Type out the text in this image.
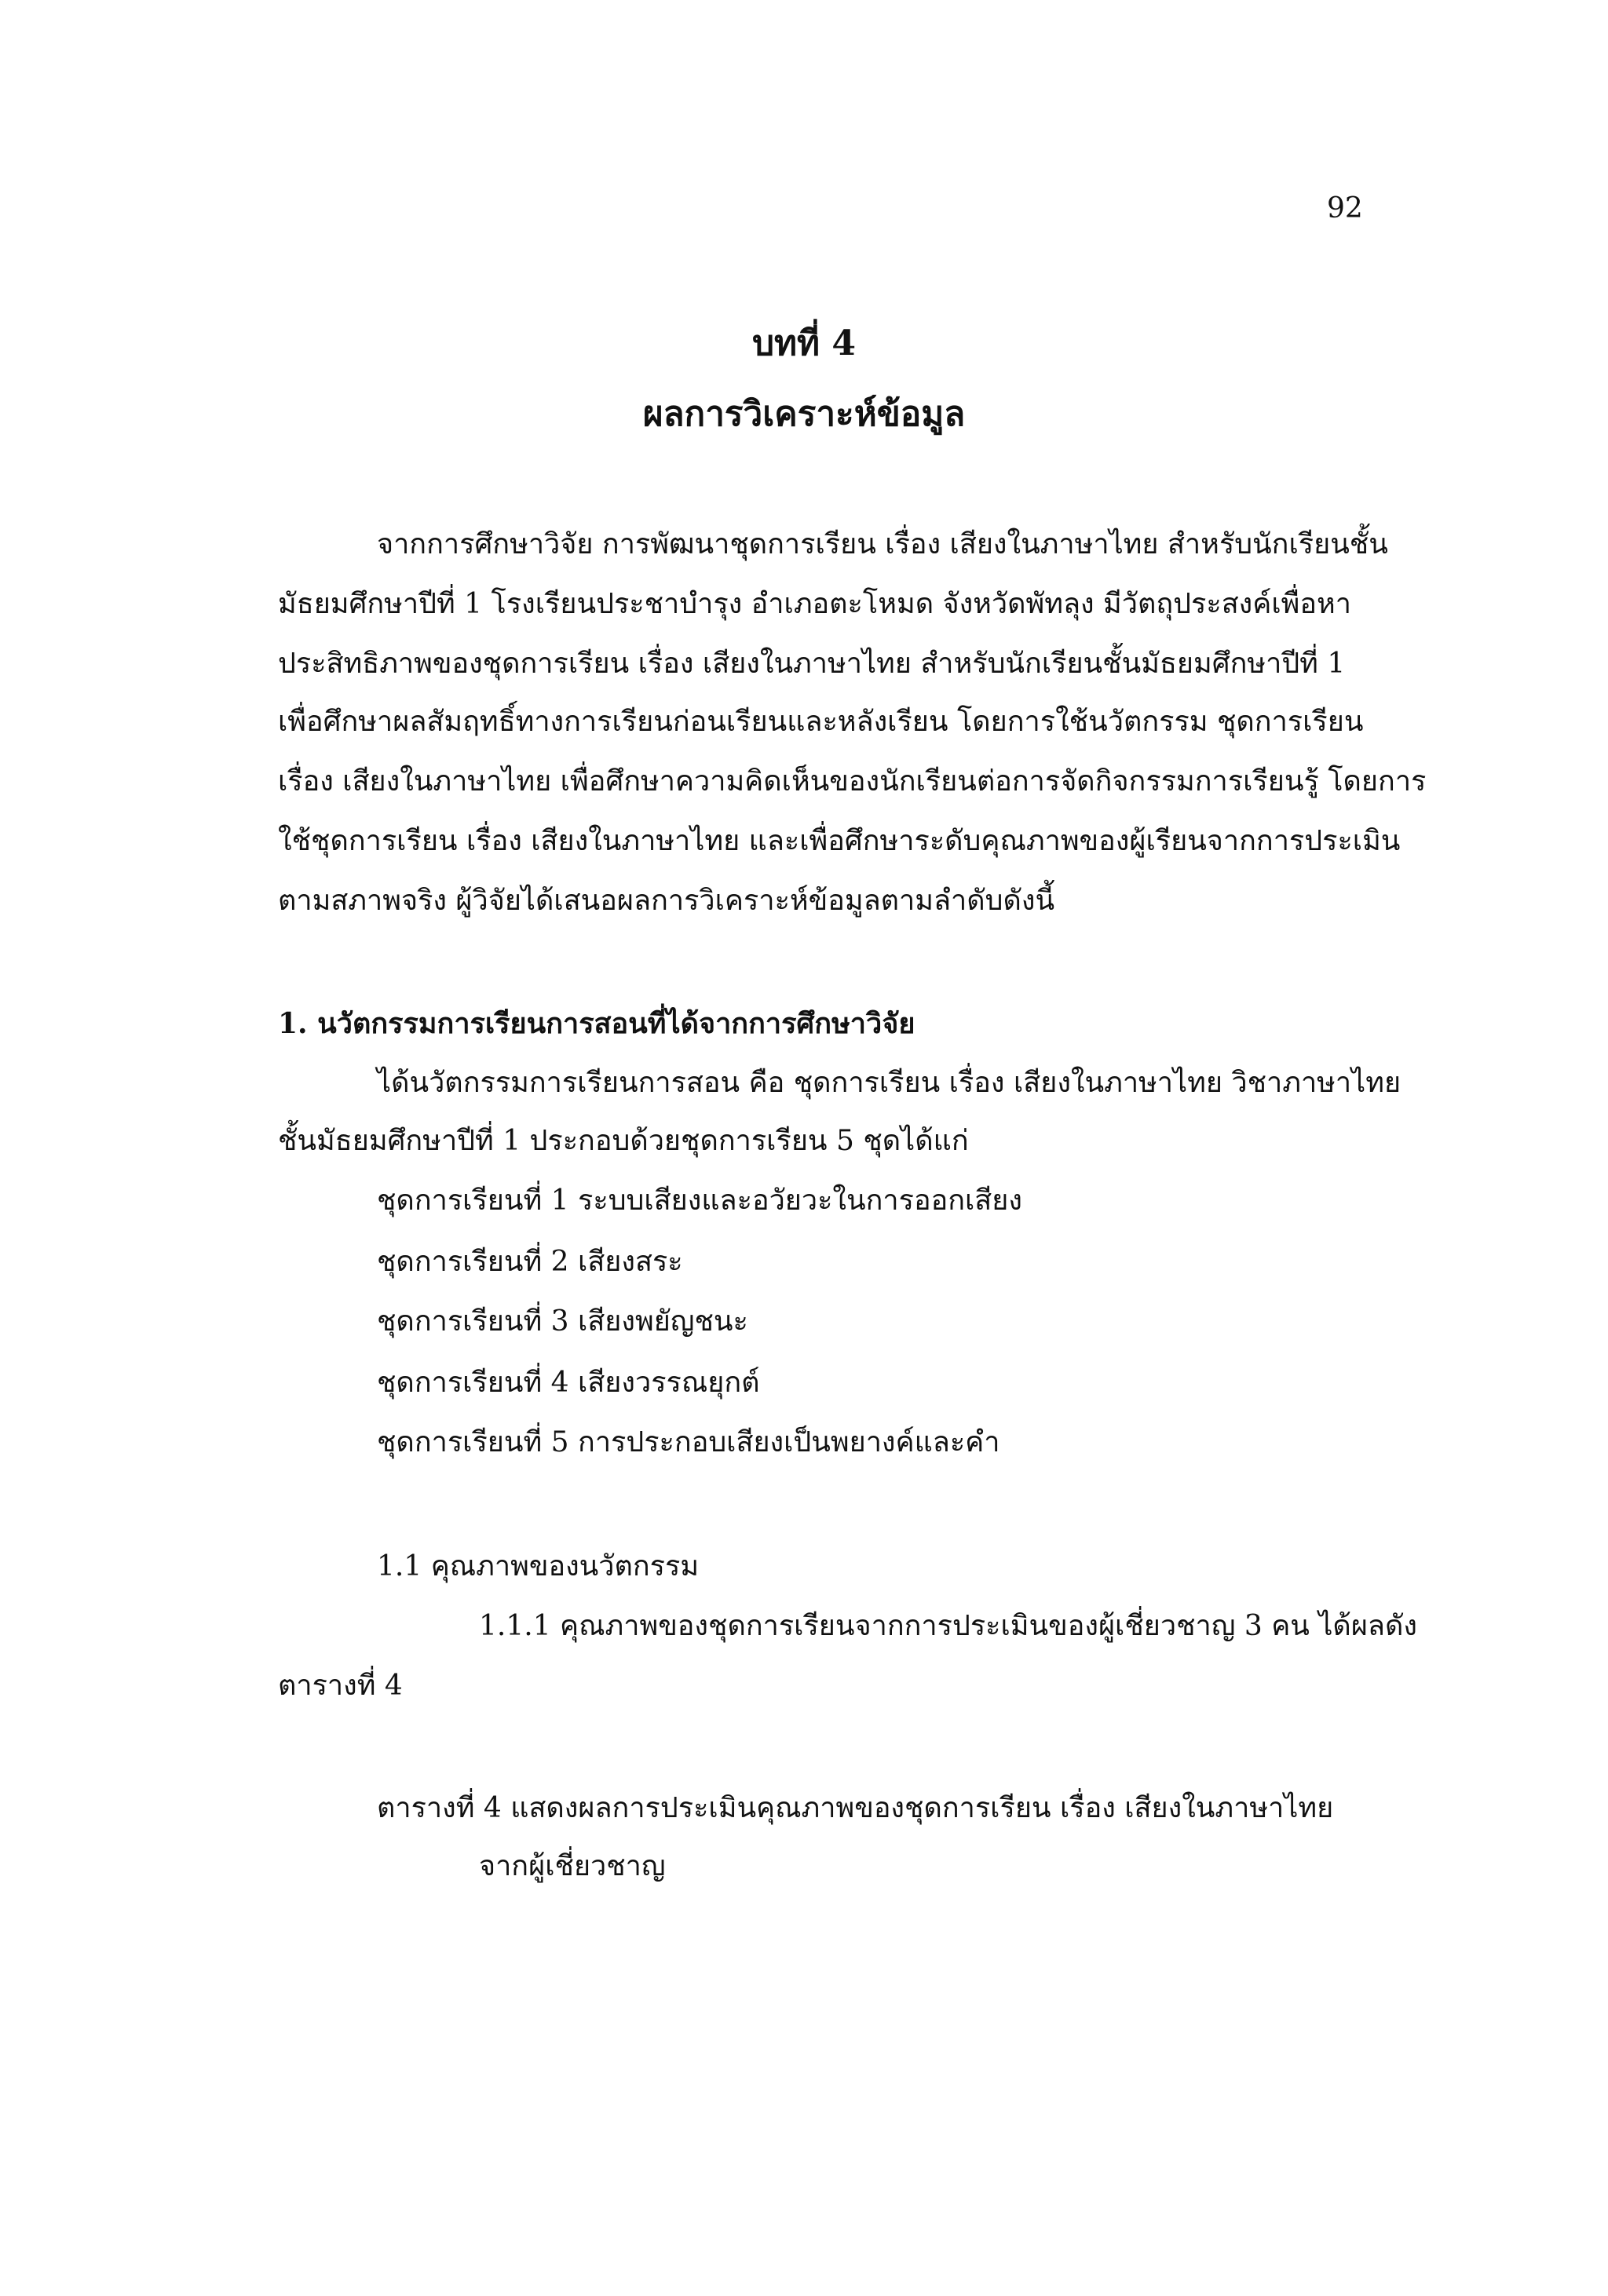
92
บทที่ 4
ผลการวิเคราะห์ข้อมูล
จากการศึกษาวิจัย การพัฒนาชุดการเรียน เรื่อง เสียงในภาษาไทย สำหรับนักเรียนชั้น
มัธยมศึกษาปีที่ 1 โรงเรียนประชาบำรุง อำเภอตะโหมด จังหวัดพัทลุง มีวัตถุประสงค์เพื่อหา
ประสิทธิภาพของชุดการเรียน เรื่อง เสียงในภาษาไทย สำหรับนักเรียนชั้นมัธยมศึกษาปีที่ 1
เพื่อศึกษาผลสัมฤทธิ์ทางการเรียนก่อนเรียนและหลังเรียน โดยการใช้นวัตกรรม ชุดการเรียน
เรื่อง เสียงในภาษาไทย เพื่อศึกษาความคิดเห็นของนักเรียนต่อการจัดกิจกรรมการเรียนรู้ โดยการ
ใช้ชุดการเรียน เรื่อง เสียงในภาษาไทย และเพื่อศึกษาระดับคุณภาพของผู้เรียนจากการประเมิน
ตามสภาพจริง ผู้วิจัยได้เสนอผลการวิเคราะห์ข้อมูลตามลำดับดังนี้
1. นวัตกรรมการเรียนการสอนที่ได้จากการศึกษาวิจัย
ได้นวัตกรรมการเรียนการสอน คือ ชุดการเรียน เรื่อง เสียงในภาษาไทย วิชาภาษาไทย
ชั้นมัธยมศึกษาปีที่ 1 ประกอบด้วยชุดการเรียน 5 ชุดได้แก่
ชุดการเรียนที่ 1 ระบบเสียงและอวัยวะในการออกเสียง
ชุดการเรียนที่ 2 เสียงสระ
ชุดการเรียนที่ 3 เสียงพยัญชนะ
ชุดการเรียนที่ 4 เสียงวรรณยุกต์
ชุดการเรียนที่ 5 การประกอบเสียงเป็นพยางค์และคำ
1.1 คุณภาพของนวัตกรรม
1.1.1 คุณภาพของชุดการเรียนจากการประเมินของผู้เชี่ยวชาญ 3 คน ได้ผลดัง
ตารางที่ 4
ตารางที่ 4 แสดงผลการประเมินคุณภาพของชุดการเรียน เรื่อง เสียงในภาษาไทย
จากผู้เชี่ยวชาญ
